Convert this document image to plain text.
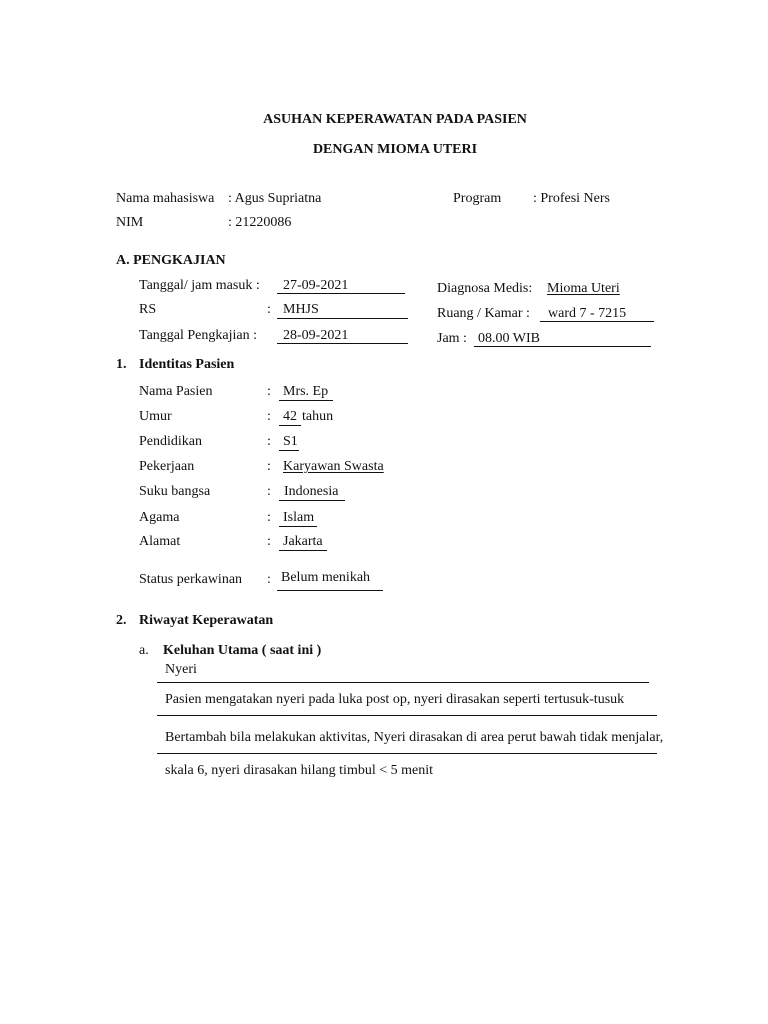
ASUHAN KEPERAWATAN PADA PASIEN
DENGAN MIOMA UTERI
Nama mahasiswa : Agus Supriatna
NIM	: 21220086
Program : Profesi Ners
A. PENGKAJIAN
Tanggal/ jam masuk : 27-09-2021
RS	: MHJS
Tanggal Pengkajian : 28-09-2021
Diagnosa Medis: Mioma Uteri
Ruang / Kamar : ward 7 - 7215
Jam : 08.00 WIB
1. Identitas Pasien
Nama Pasien	: Mrs. Ep
Umur	: 42 tahun
Pendidikan	: S1
Pekerjaan	: Karyawan Swasta
Suku bangsa	: Indonesia
Agama	: Islam
Alamat	: Jakarta
Status perkawinan : Belum menikah
2. Riwayat Keperawatan
a. Keluhan Utama ( saat ini )
Nyeri
Pasien mengatakan nyeri pada luka post op, nyeri dirasakan seperti tertusuk-tusuk
Bertambah bila melakukan aktivitas, Nyeri dirasakan di area perut bawah tidak menjalar,
skala 6, nyeri dirasakan hilang timbul < 5 menit
